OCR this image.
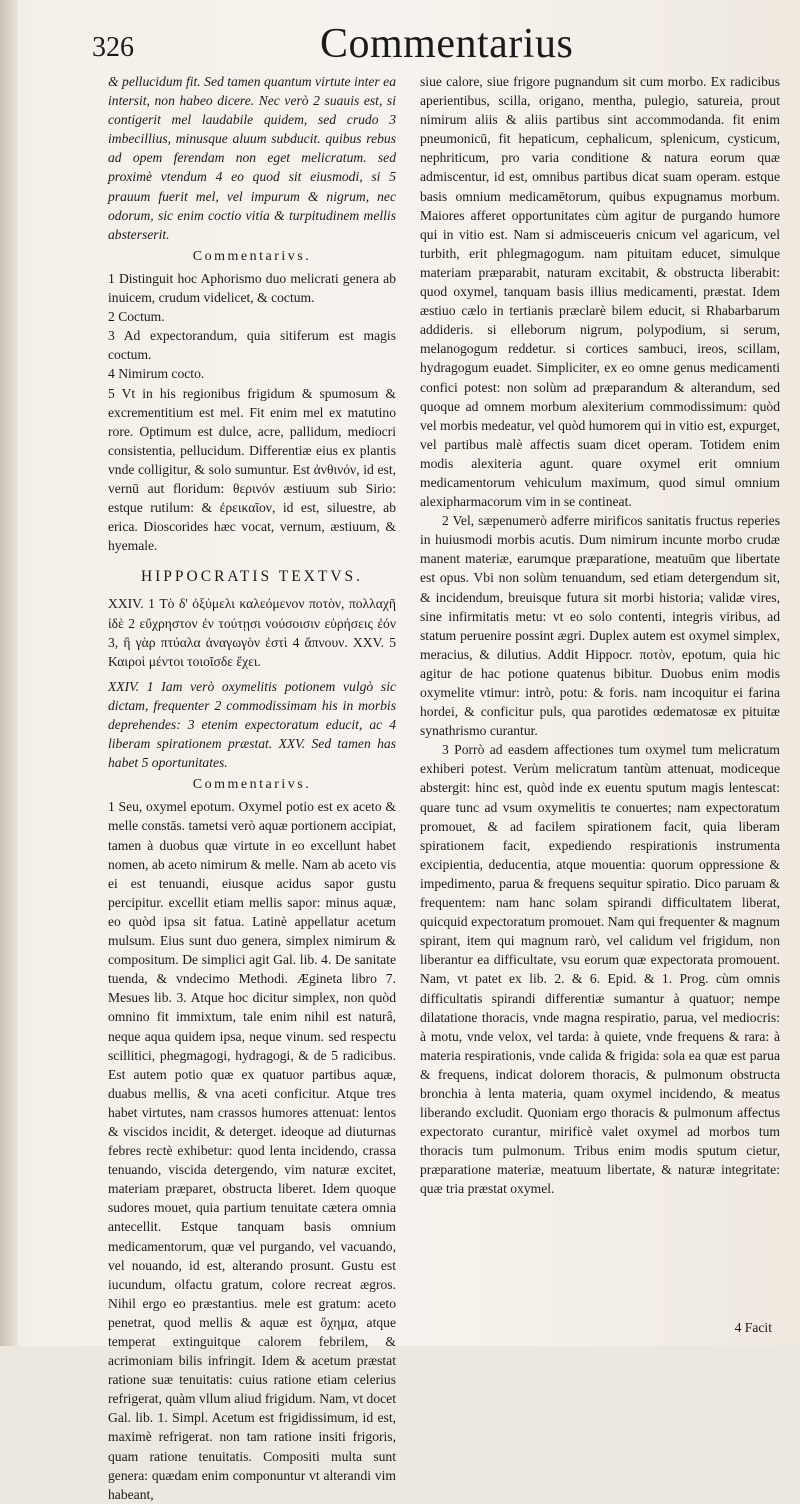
326	Commentarius

& pellucidum fit. Sed tamen quantum virtute inter ea intersit, non habeo dicere. Nec verò 2 suauis est, si contigerit mel laudabile quidem, sed crudo 3 imbecillius, minusque aluum subducit. quibus rebus ad opem ferendam non eget melicratum. sed proximè vtendum 4 eo quod sit eiusmodi, si 5 prauum fuerit mel, vel impurum & nigrum, nec odorum, sic enim coctio vitia & turpitudinem mellis absterserit.

Commentarivs.

1 Distinguit hoc Aphorismo duo melicrati genera ab inuicem, crudum videlicet, & coctum.

2 Coctum.

3 Ad expectorandum, quia sitiferum est magis coctum.

4 Nimirum cocto.

5 Vt in his regionibus frigidum & spumosum & excrementitium est mel. Fit enim mel ex matutino rore. Optimum est dulce, acre, pallidum, mediocri consistentia, pellucidum. Differentiæ eius ex plantis vnde colligitur, & solo sumuntur. Est ἀνθινόν, id est, vernū aut floridum: θερινόν æstiuum sub Sirio: estque rutilum: & ἐρεικαῖον, id est, siluestre, ab erica. Dioscorides hæc vocat, vernum, æstiuum, & hyemale.

HIPPOCRATIS TEXTVS.

XXIV. 1 Τὸ δ' ὀξύμελι καλεόμενον ποτὸν, πολλαχῆ ἰδὲ 2 εὔχρηστον ἐν τούτῃσι νούσοισιν εὑρήσεις ἐόν 3, ἢ γὰρ πτύαλα ἀναγωγὸν ἐστὶ 4 ἄπνουν. XXV. 5 Καιροὶ μέντοι τοιοῖσδε ἔχει.

XXIV. 1 Iam verò oxymelitis potionem vulgò sic dictam, frequenter 2 commodissimam his in morbis deprehendes: 3 etenim expectoratum educit, ac 4 liberam spirationem præstat. XXV. Sed tamen has habet 5 oportunitates.

Commentarivs.

1 Seu, oxymel epotum. Oxymel potio est ex aceto & melle constās. tametsi verò aquæ portionem accipiat, tamen à duobus quæ virtute in eo excellunt habet nomen, ab aceto nimirum & melle. Nam ab aceto vis ei est tenuandi, eiusque acidus sapor gustu percipitur. excellit etiam mellis sapor: minus aquæ, eo quòd ipsa sit fatua. Latinè appellatur acetum mulsum. Eius sunt duo genera, simplex nimirum & compositum. De simplici agit Gal. lib. 4. De sanitate tuenda, & vndecimo Methodi. Ægineta libro 7. Mesues lib. 3. Atque hoc dicitur simplex, non quòd omnino fit immixtum, tale enim nihil est naturâ, neque aqua quidem ipsa, neque vinum. sed respectu scillitici, phegmagogi, hydragogi, & de 5 radicibus. Est autem potio quæ ex quatuor partibus aquæ, duabus mellis, & vna aceti conficitur. Atque tres habet virtutes, nam crassos humores attenuat: lentos & viscidos incidit, & deterget. ideoque ad diuturnas febres rectè exhibetur: quod lenta incidendo, crassa tenuando, viscida detergendo, vim naturæ excitet, materiam præparet, obstructa liberet. Idem quoque sudores mouet, quia partium tenuitate cætera omnia antecellit. Estque tanquam basis omnium medicamentorum, quæ vel purgando, vel vacuando, vel nouando, id est, alterando prosunt. Gustu est iucundum, olfactu gratum, colore recreat ægros. Nihil ergo eo præstantius. mele est gratum: aceto penetrat, quod mellis & aquæ est ὄχημα, atque temperat extinguitque calorem febrilem, & acrimoniam bilis infringit. Idem & acetum præstat ratione suæ tenuitatis: cuius ratione etiam celerius refrigerat, quàm vllum aliud frigidum. Nam, vt docet Gal. lib. 1. Simpl. Acetum est frigidissimum, id est, maximè refrigerat. non tam ratione insiti frigoris, quam ratione tenuitatis. Compositi multa sunt genera: quædam enim componuntur vt alterandi vim habeant,

siue calore, siue frigore pugnandum sit cum morbo. Ex radicibus aperientibus, scilla, origano, mentha, pulegio, satureia, prout nimirum aliis & aliis partibus sint accommodanda. fit enim pneumonicū, fit hepaticum, cephalicum, splenicum, cysticum, nephriticum, pro varia conditione & natura eorum quæ admiscentur, id est, omnibus partibus dicat suam operam. estque basis omnium medicamētorum, quibus expugnamus morbum. Maiores afferet opportunitates cùm agitur de purgando humore qui in vitio est. Nam si admisceueris cnicum vel agaricum, vel turbith, erit phlegmagogum. nam pituitam educet, simulque materiam præparabit, naturam excitabit, & obstructa liberabit: quod oxymel, tanquam basis illius medicamenti, præstat. Idem æstiuo cælo in tertianis præclarè bilem educit, si Rhabarbarum addideris. si elleborum nigrum, polypodium, si serum, melanogogum reddetur. si cortices sambuci, ireos, scillam, hydragogum euadet. Simpliciter, ex eo omne genus medicamenti confici potest: non solùm ad præparandum & alterandum, sed quoque ad omnem morbum alexiterium commodissimum: quòd vel morbis medeatur, vel quòd humorem qui in vitio est, expurget, vel partibus malè affectis suam dicet operam. Totidem enim modis alexiteria agunt. quare oxymel erit omnium medicamentorum vehiculum maximum, quod simul omnium alexipharmacorum vim in se contineat.

2 Vel, sæpenumerò adferre mirificos sanitatis fructus reperies in huiusmodi morbis acutis. Dum nimirum incunte morbo crudæ manent materiæ, earumque præparatione, meatuūm que libertate est opus. Vbi non solùm tenuandum, sed etiam detergendum sit, & incidendum, breuisque futura sit morbi historia; validæ vires, sine infirmitatis metu: vt eo solo contenti, integris viribus, ad statum peruenire possint ægri. Duplex autem est oxymel simplex, meracius, & dilutius. Addit Hippocr. ποτὸν, epotum, quia hic agitur de hac potione quatenus bibitur. Duobus enim modis oxymelite vtimur: intrò, potu: & foris. nam incoquitur ei farina hordei, & conficitur puls, qua parotides œdematosæ ex pituitæ synathrismo curantur.

3 Porrò ad easdem affectiones tum oxymel tum melicratum exhiberi potest. Verùm melicratum tantùm attenuat, modiceque abstergit: hinc est, quòd inde ex euentu sputum magis lentescat: quare tunc ad vsum oxymelitis te conuertes; nam expectoratum promouet, & ad facilem spirationem facit, quia liberam spirationem facit, expediendo respirationis instrumenta excipientia, deducentia, atque mouentia: quorum oppressione & impedimento, parua & frequens sequitur spiratio. Dico paruam & frequentem: nam hanc solam spirandi difficultatem liberat, quicquid expectoratum promouet. Nam qui frequenter & magnum spirant, item qui magnum rarò, vel calidum vel frigidum, non liberantur ea difficultate, vsu eorum quæ expectorata promouent. Nam, vt patet ex lib. 2. & 6. Epid. & 1. Prog. cùm omnis difficultatis spirandi differentiæ sumantur à quatuor; nempe dilatatione thoracis, vnde magna respiratio, parua, vel mediocris: à motu, vnde velox, vel tarda: à quiete, vnde frequens & rara: à materia respirationis, vnde calida & frigida: sola ea quæ est parua & frequens, indicat dolorem thoracis, & pulmonum obstructa bronchia à lenta materia, quam oxymel incidendo, & meatus liberando excludit. Quoniam ergo thoracis & pulmonum affectus expectorato curantur, mirificè valet oxymel ad morbos tum thoracis tum pulmonum. Tribus enim modis sputum cietur, præparatione materiæ, meatuum libertate, & naturæ integritate: quæ tria præstat oxymel.

4 Facit
